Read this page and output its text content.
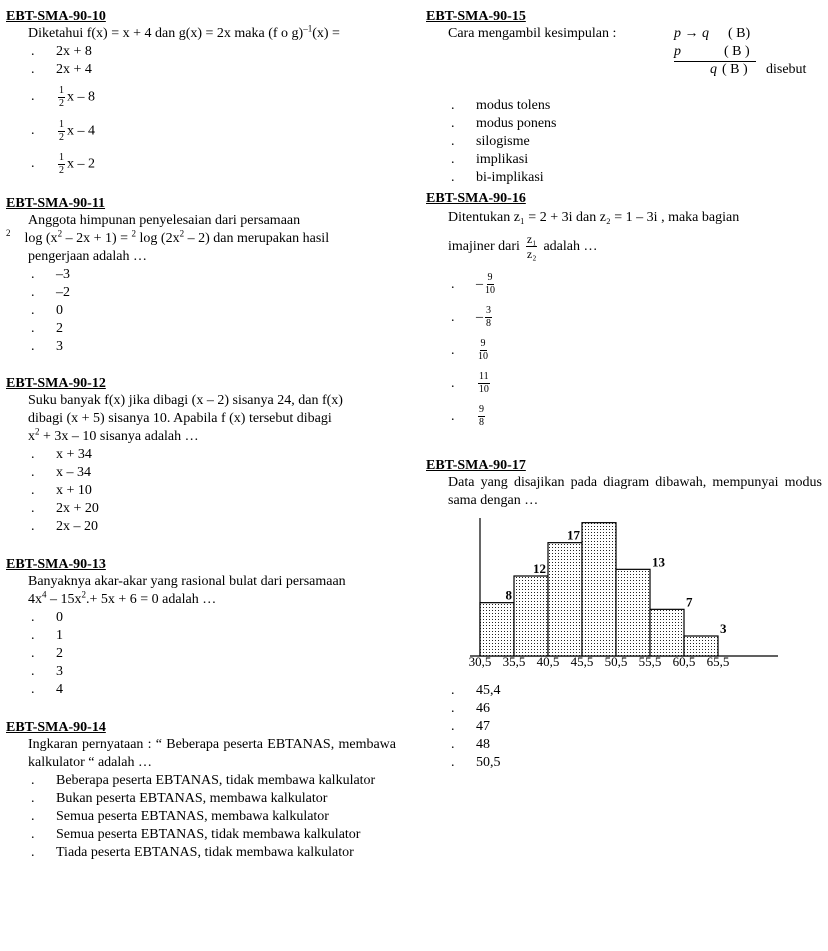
EBT-SMA-90-10
Diketahui f(x) = x + 4 dan g(x) = 2x maka (f o g)$^{-1}$(x) =
.	2x + 8
.	2x + 4
.	$\frac{1}{2}$ x – 8
.	$\frac{1}{2}$ x – 4
.	$\frac{1}{2}$ x – 2
EBT-SMA-90-11
Anggota himpunan penyelesaian dari persamaan
$^2$ $\log (x^2 - 2x + 1) = ^2$ $\log (2x^2 - 2)$ dan merupakan hasil
pengerjaan adalah …
.	–3
.	–2
.	0
.	2
.	3
EBT-SMA-90-12
Suku banyak f(x) jika dibagi (x – 2) sisanya 24, dan f(x)
dibagi (x + 5) sisanya 10. Apabila f (x) tersebut dibagi
$x^2 + 3x - 10$ sisanya adalah …
.	x + 34
.	x – 34
.	x + 10
.	2x + 20
.	2x – 20
EBT-SMA-90-13
Banyaknya akar-akar yang rasional bulat dari persamaan
$4x^4 - 15x^2.+ 5x + 6 = 0$ adalah …
.	0
.	1
.	2
.	3
.	4
EBT-SMA-90-14
Ingkaran pernyataan : “ Beberapa peserta EBTANAS, membawa kalkulator “ adalah …
.	Beberapa peserta EBTANAS, tidak membawa kalkulator
.	Bukan peserta EBTANAS, membawa kalkulator
.	Semua peserta EBTANAS, membawa kalkulator
.	Semua peserta EBTANAS, tidak membawa kalkulator
.	Tiada peserta EBTANAS, tidak membawa kalkulator
EBT-SMA-90-15
Cara mengambil kesimpulan :	p → q ( B)
p	( B )
q ( B ) disebut
.	modus tolens
.	modus ponens
.	silogisme
.	implikasi
.	bi-implikasi
EBT-SMA-90-16
Ditentukan z₁ = 2 + 3i dan z₂ = 1 – 3i , maka bagian
imajiner dari $\frac{\text{z₁}}{\text{z₂}}$ adalah …
.	– $\frac{9}{10}$
.	– $\frac{3}{8}$
.	$\frac{9}{10}$
.	$\frac{11}{10}$
.	$\frac{9}{8}$
EBT-SMA-90-17
Data yang disajikan pada diagram dibawah, mempunyai modus sama dengan …
8
12
17
13
7
3
30,5 35,5 40,5 45,5 50,5 55,5 60,5 65,5
.	45,4
.	46
.	47
.	48
.	50,5
